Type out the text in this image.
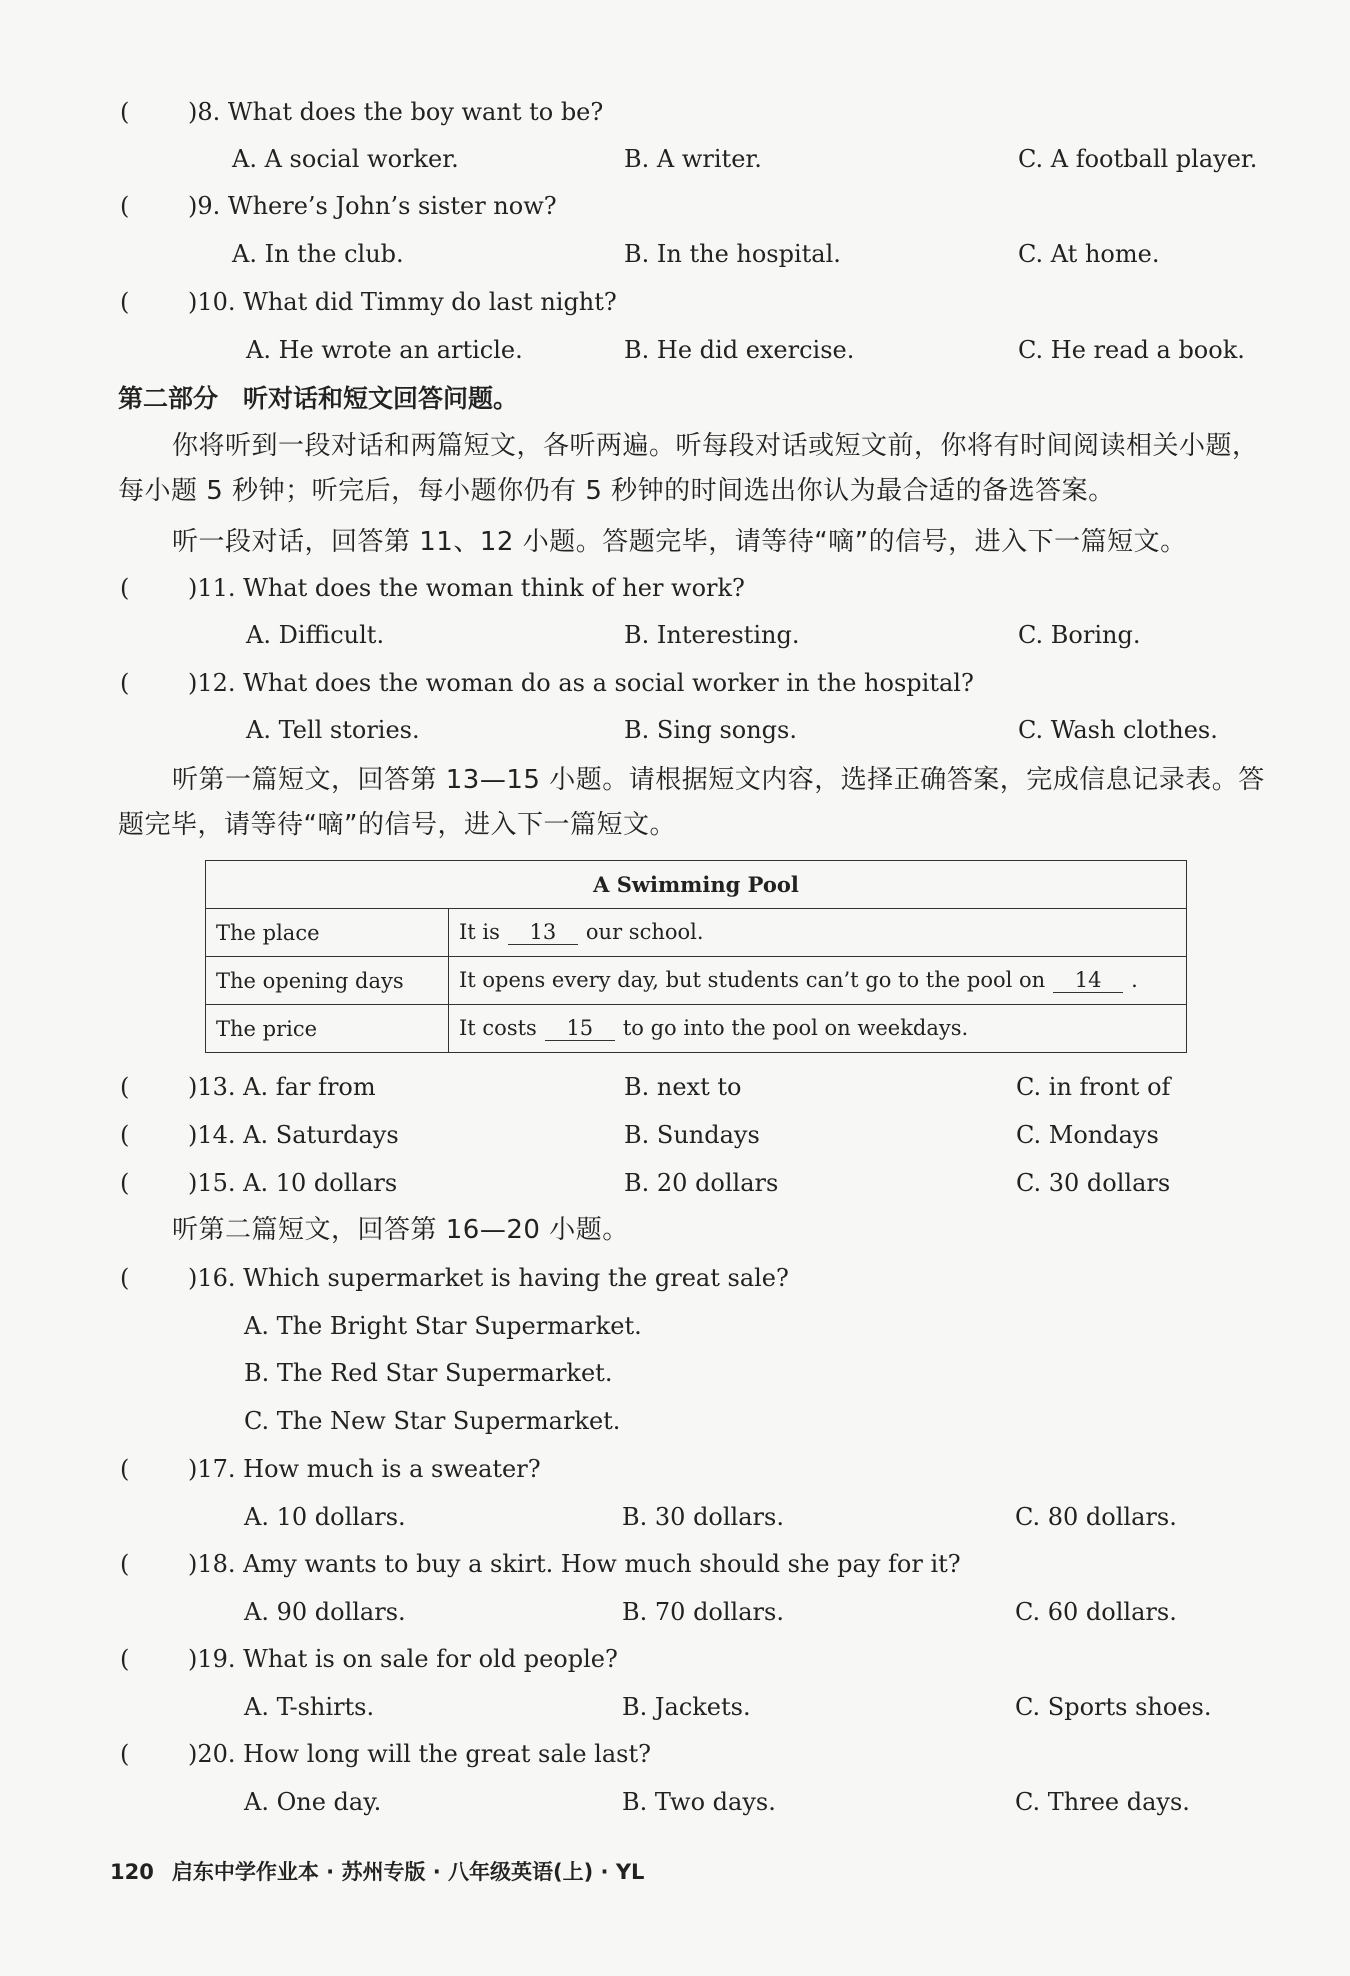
( )8. What does the boy want to be?
A. A social worker.	B. A writer.	C. A football player.
( )9. Where’s John’s sister now?
A. In the club.	B. In the hospital.	C. At home.
( )10. What did Timmy do last night?
A. He wrote an article.	B. He did exercise.	C. He read a book.
第二部分　听对话和短文回答问题。
你将听到一段对话和两篇短文，各听两遍。听每段对话或短文前，你将有时间阅读相关小题，每小题 5 秒钟；听完后，每小题你仍有 5 秒钟的时间选出你认为最合适的备选答案。
听一段对话，回答第 11、12 小题。答题完毕，请等待“嘀”的信号，进入下一篇短文。
( )11. What does the woman think of her work?
A. Difficult.	B. Interesting.	C. Boring.
( )12. What does the woman do as a social worker in the hospital?
A. Tell stories.	B. Sing songs.	C. Wash clothes.
听第一篇短文，回答第 13—15 小题。请根据短文内容，选择正确答案，完成信息记录表。答题完毕，请等待“嘀”的信号，进入下一篇短文。
A Swimming Pool	
The place	It is 13 our school.
The opening days	It opens every day, but students can’t go to the pool on 14 .
The price	It costs 15 to go into the pool on weekdays.
( )13. A. far from	B. next to	C. in front of
( )14. A. Saturdays	B. Sundays	C. Mondays
( )15. A. 10 dollars	B. 20 dollars	C. 30 dollars
听第二篇短文，回答第 16—20 小题。
( )16. Which supermarket is having the great sale?
A. The Bright Star Supermarket.
B. The Red Star Supermarket.
C. The New Star Supermarket.
( )17. How much is a sweater?
A. 10 dollars.	B. 30 dollars.	C. 80 dollars.
( )18. Amy wants to buy a skirt. How much should she pay for it?
A. 90 dollars.	B. 70 dollars.	C. 60 dollars.
( )19. What is on sale for old people?
A. T-shirts.	B. Jackets.	C. Sports shoes.
( )20. How long will the great sale last?
A. One day.	B. Two days.	C. Three days.
120 启东中学作业本 · 苏州专版 · 八年级英语(上) · YL
